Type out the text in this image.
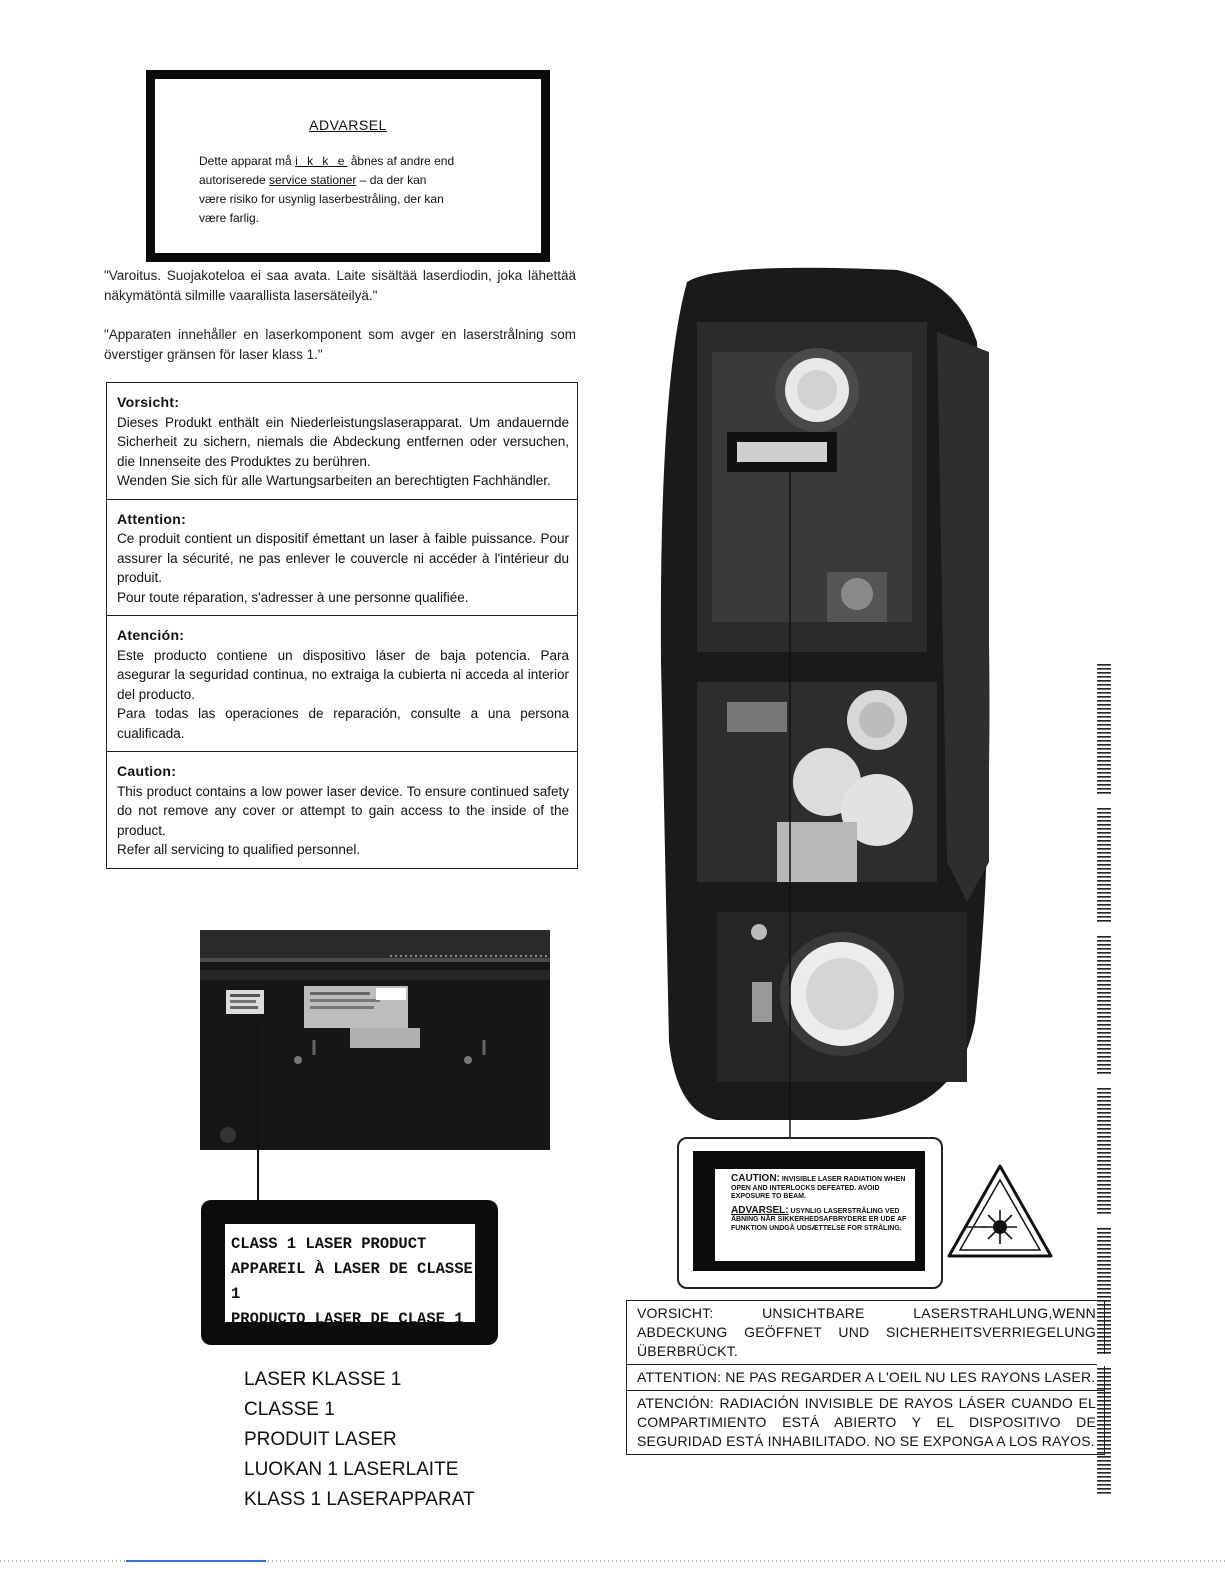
ADVARSEL
Dette apparat må i k k e åbnes af andre end
autoriserede service stationer – da der kan
være risiko for usynlig laserbestråling, der kan
være farlig.
"Varoitus. Suojakoteloa ei saa avata. Laite sisältää laserdiodin, joka lähettää näkymätöntä silmille vaarallista lasersäteilyä."
"Apparaten innehåller en laserkomponent som avger en laserstrålning som överstiger gränsen för laser klass 1."
Vorsicht:
Dieses Produkt enthält ein Niederleistungslaserapparat. Um andauernde Sicherheit zu sichern, niemals die Abdeckung entfernen oder versuchen, die Innenseite des Produktes zu berühren.
Wenden Sie sich für alle Wartungsarbeiten an berechtigten Fachhändler.
Attention:
Ce produit contient un dispositif émettant un laser à faible puissance. Pour assurer la sécurité, ne pas enlever le couvercle ni accéder à l'intérieur du produit.
Pour toute réparation, s'adresser à une personne qualifiée.
Atención:
Este producto contiene un dispositivo láser de baja potencia. Para asegurar la seguridad continua, no extraiga la cubierta ni acceda al interior del producto.
Para todas las operaciones de reparación, consulte a una persona cualificada.
Caution:
This product contains a low power laser device. To ensure continued safety do not remove any cover or attempt to gain access to the inside of the product.
Refer all servicing to qualified personnel.
CLASS 1 LASER PRODUCT
APPAREIL À LASER DE CLASSE 1
PRODUCTO LASER DE CLASE 1
LASER KLASSE 1
CLASSE 1
PRODUIT LASER
LUOKAN 1 LASERLAITE
KLASS 1 LASERAPPARAT
CAUTION: INVISIBLE LASER RADIATION WHEN OPEN AND INTERLOCKS DEFEATED. AVOID EXPOSURE TO BEAM.
ADVARSEL: USYNLIG LASERSTRÅLING VED ÅBNING NÅR SIKKERHEDSAFBRYDERE ER UDE AF FUNKTION UNDGÅ UDSÆTTELSE FOR STRÅLING.
VORSICHT: UNSICHTBARE LASERSTRAHLUNG,WENN ABDECKUNG GEÖFFNET UND SICHERHEITSVERRIEGELUNG ÜBERBRÜCKT.
ATTENTION: NE PAS REGARDER A L'OEIL NU LES RAYONS LASER.
ATENCIÓN: RADIACIÓN INVISIBLE DE RAYOS LÁSER CUANDO EL COMPARTIMIENTO ESTÁ ABIERTO Y EL DISPOSITIVO DE SEGURIDAD ESTÁ INHABILITADO. NO SE EXPONGA A LOS RAYOS.
